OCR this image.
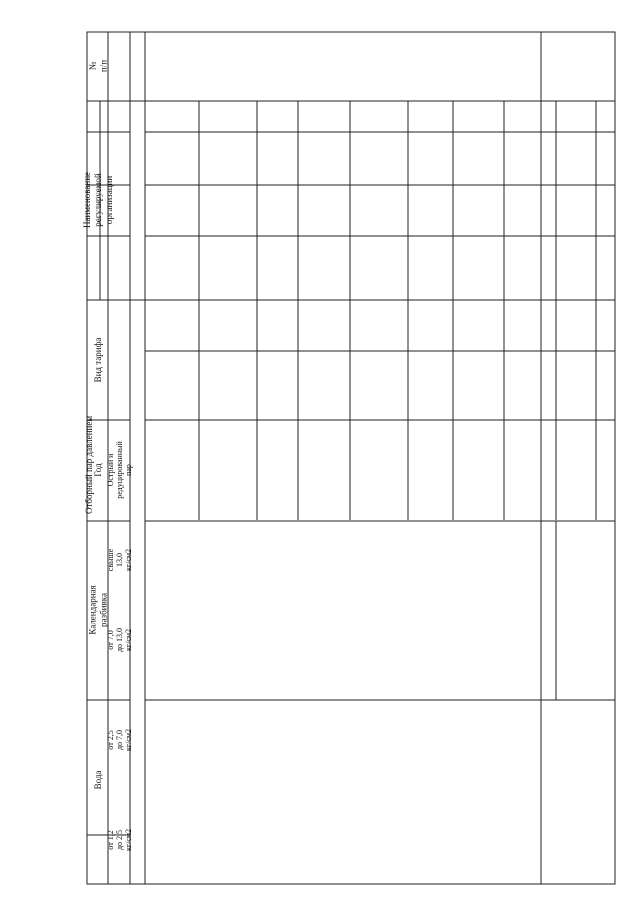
№ п/п
Наименование регулируемой организации
Вид тарифа
Год
Календарная разбивка
Вода
Отборный пар давлением
от 1,2 до 2,5 кг/см2
от 2,5 до 7,0 кг/см2
от 7,0 до 13,0 кг/см2
свыше 13,0 кг/см2
Острый и редуцированный пар
